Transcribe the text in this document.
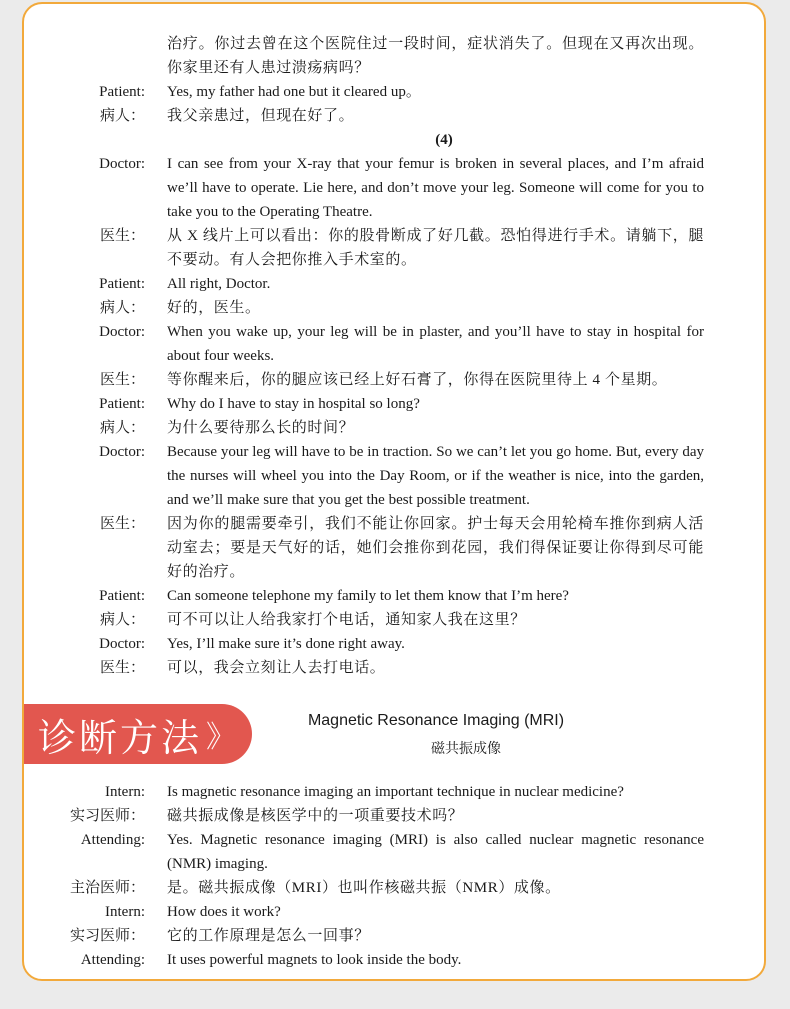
治疗。你过去曾在这个医院住过一段时间，症状消失了。但现在又再次出现。你家里还有人患过溃疡病吗？
Patient: Yes, my father had one but it cleared up。
病人： 我父亲患过，但现在好了。
(4)
Doctor: I can see from your X-ray that your femur is broken in several places, and I’m afraid we’ll have to operate. Lie here, and don’t move your leg. Someone will come for you to take you to the Operating Theatre.
医生： 从 X 线片上可以看出：你的股骨断成了好几截。恐怕得进行手术。请躺下，腿不要动。有人会把你推入手术室的。
Patient: All right, Doctor.
病人： 好的，医生。
Doctor: When you wake up, your leg will be in plaster, and you’ll have to stay in hospital for about four weeks.
医生： 等你醒来后，你的腿应该已经上好石膏了，你得在医院里待上 4 个星期。
Patient: Why do I have to stay in hospital so long?
病人： 为什么要待那么长的时间？
Doctor: Because your leg will have to be in traction. So we can’t let you go home. But, every day the nurses will wheel you into the Day Room, or if the weather is nice, into the garden, and we’ll make sure that you get the best possible treatment.
医生： 因为你的腿需要牵引，我们不能让你回家。护士每天会用轮椅车推你到病人活动室去；要是天气好的话，她们会推你到花园，我们得保证要让你得到尽可能好的治疗。
Patient: Can someone telephone my family to let them know that I’m here?
病人： 可不可以让人给我家打个电话，通知家人我在这里？
Doctor: Yes, I’ll make sure it’s done right away.
医生： 可以，我会立刻让人去打电话。
诊断方法 》
Magnetic Resonance Imaging (MRI)
磁共振成像
Intern: Is magnetic resonance imaging an important technique in nuclear medicine?
实习医师： 磁共振成像是核医学中的一项重要技术吗？
Attending: Yes. Magnetic resonance imaging (MRI) is also called nuclear magnetic resonance (NMR) imaging.
主治医师： 是。磁共振成像（MRI）也叫作核磁共振（NMR）成像。
Intern: How does it work?
实习医师： 它的工作原理是怎么一回事？
Attending: It uses powerful magnets to look inside the body.
